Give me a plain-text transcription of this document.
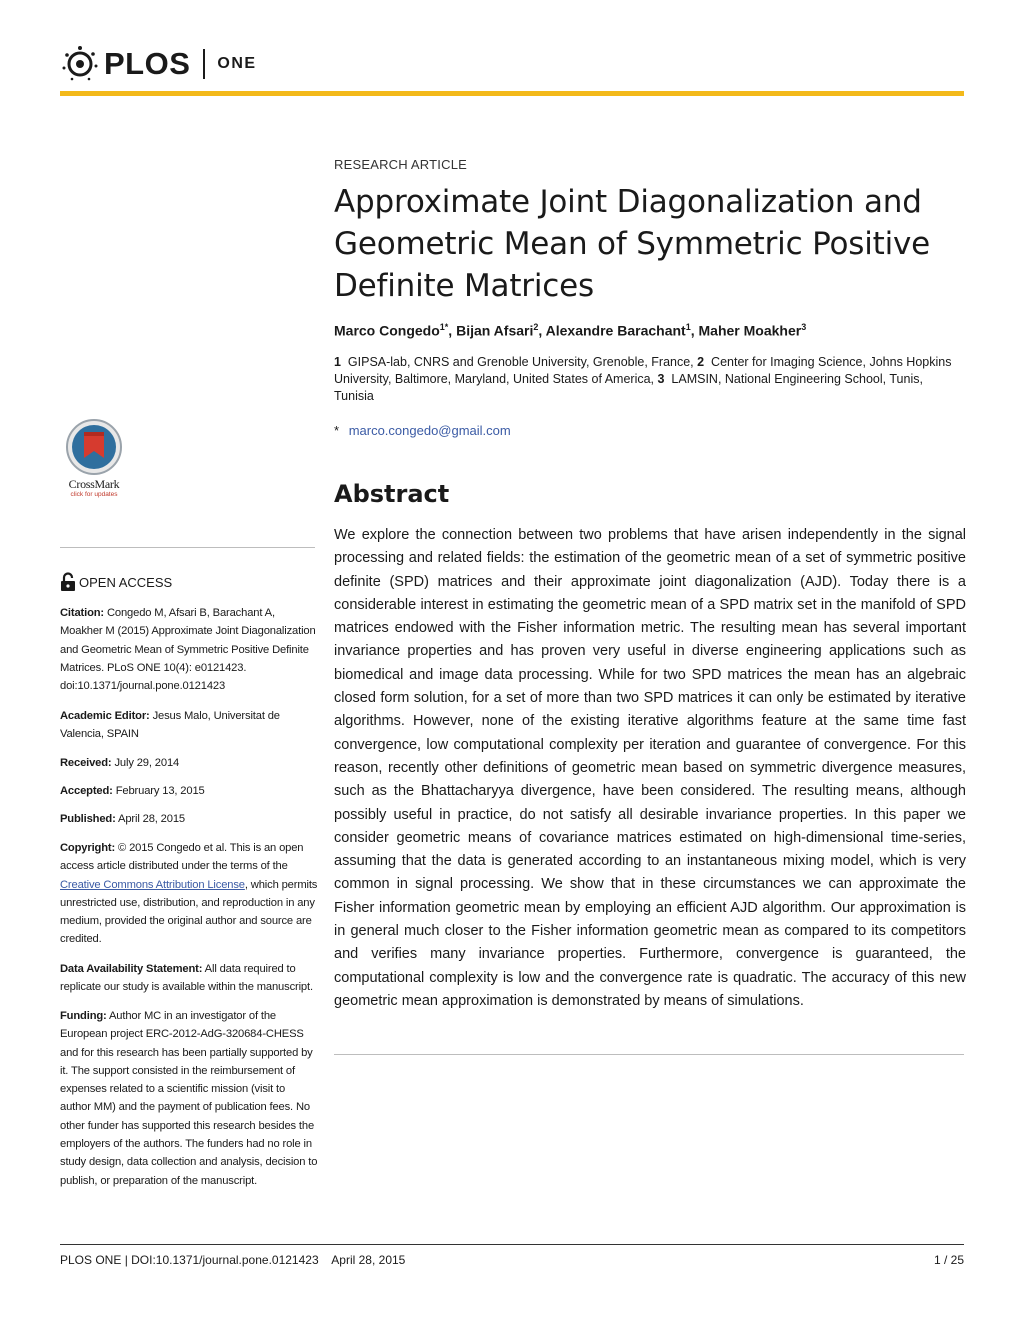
PLOS ONE
RESEARCH ARTICLE
Approximate Joint Diagonalization and Geometric Mean of Symmetric Positive Definite Matrices
Marco Congedo$^{1*}$, Bijan Afsari$^2$, Alexandre Barachant$^1$, Maher Moakher$^3$
1 GIPSA-lab, CNRS and Grenoble University, Grenoble, France, 2 Center for Imaging Science, Johns Hopkins University, Baltimore, Maryland, United States of America, 3 LAMSIN, National Engineering School, Tunis, Tunisia
* marco.congedo@gmail.com
Abstract

We explore the connection between two problems that have arisen independently in the signal processing and related fields: the estimation of the geometric mean of a set of symmetric positive definite (SPD) matrices and their approximate joint diagonalization (AJD). Today there is a considerable interest in estimating the geometric mean of a SPD matrix set in the manifold of SPD matrices endowed with the Fisher information metric. The resulting mean has several important invariance properties and has proven very useful in diverse engineering applications such as biomedical and image data processing. While for two SPD matrices the mean has an algebraic closed form solution, for a set of more than two SPD matrices it can only be estimated by iterative algorithms. However, none of the existing iterative algorithms feature at the same time fast convergence, low computational complexity per iteration and guarantee of convergence. For this reason, recently other definitions of geometric mean based on symmetric divergence measures, such as the Bhattacharyya divergence, have been considered. The resulting means, although possibly useful in practice, do not satisfy all desirable invariance properties. In this paper we consider geometric means of covariance matrices estimated on high-dimensional time-series, assuming that the data is generated according to an instantaneous mixing model, which is very common in signal processing. We show that in these circumstances we can approximate the Fisher information geometric mean by employing an efficient AJD algorithm. Our approximation is in general much closer to the Fisher information geometric mean as compared to its competitors and verifies many invariance properties. Furthermore, convergence is guaranteed, the computational complexity is low and the convergence rate is quadratic. The accuracy of this new geometric mean approximation is demonstrated by means of simulations.

CrossMark
click for updates
OPEN ACCESS
Citation: Congedo M, Afsari B, Barachant A, Moakher M (2015) Approximate Joint Diagonalization and Geometric Mean of Symmetric Positive Definite Matrices. PLoS ONE 10(4): e0121423. doi:10.1371/journal.pone.0121423
Academic Editor: Jesus Malo, Universitat de Valencia, SPAIN
Received: July 29, 2014
Accepted: February 13, 2015
Published: April 28, 2015
Copyright: © 2015 Congedo et al. This is an open access article distributed under the terms of the Creative Commons Attribution License, which permits unrestricted use, distribution, and reproduction in any medium, provided the original author and source are credited.
Data Availability Statement: All data required to replicate our study is available within the manuscript.
Funding: Author MC in an investigator of the European project ERC-2012-AdG-320684-CHESS and for this research has been partially supported by it. The support consisted in the reimbursement of expenses related to a scientific mission (visit to author MM) and the payment of publication fees. No other funder has supported this research besides the employers of the authors. The funders had no role in study design, data collection and analysis, decision to publish, or preparation of the manuscript.
PLOS ONE | DOI:10.1371/journal.pone.0121423    April 28, 2015	1 / 25
